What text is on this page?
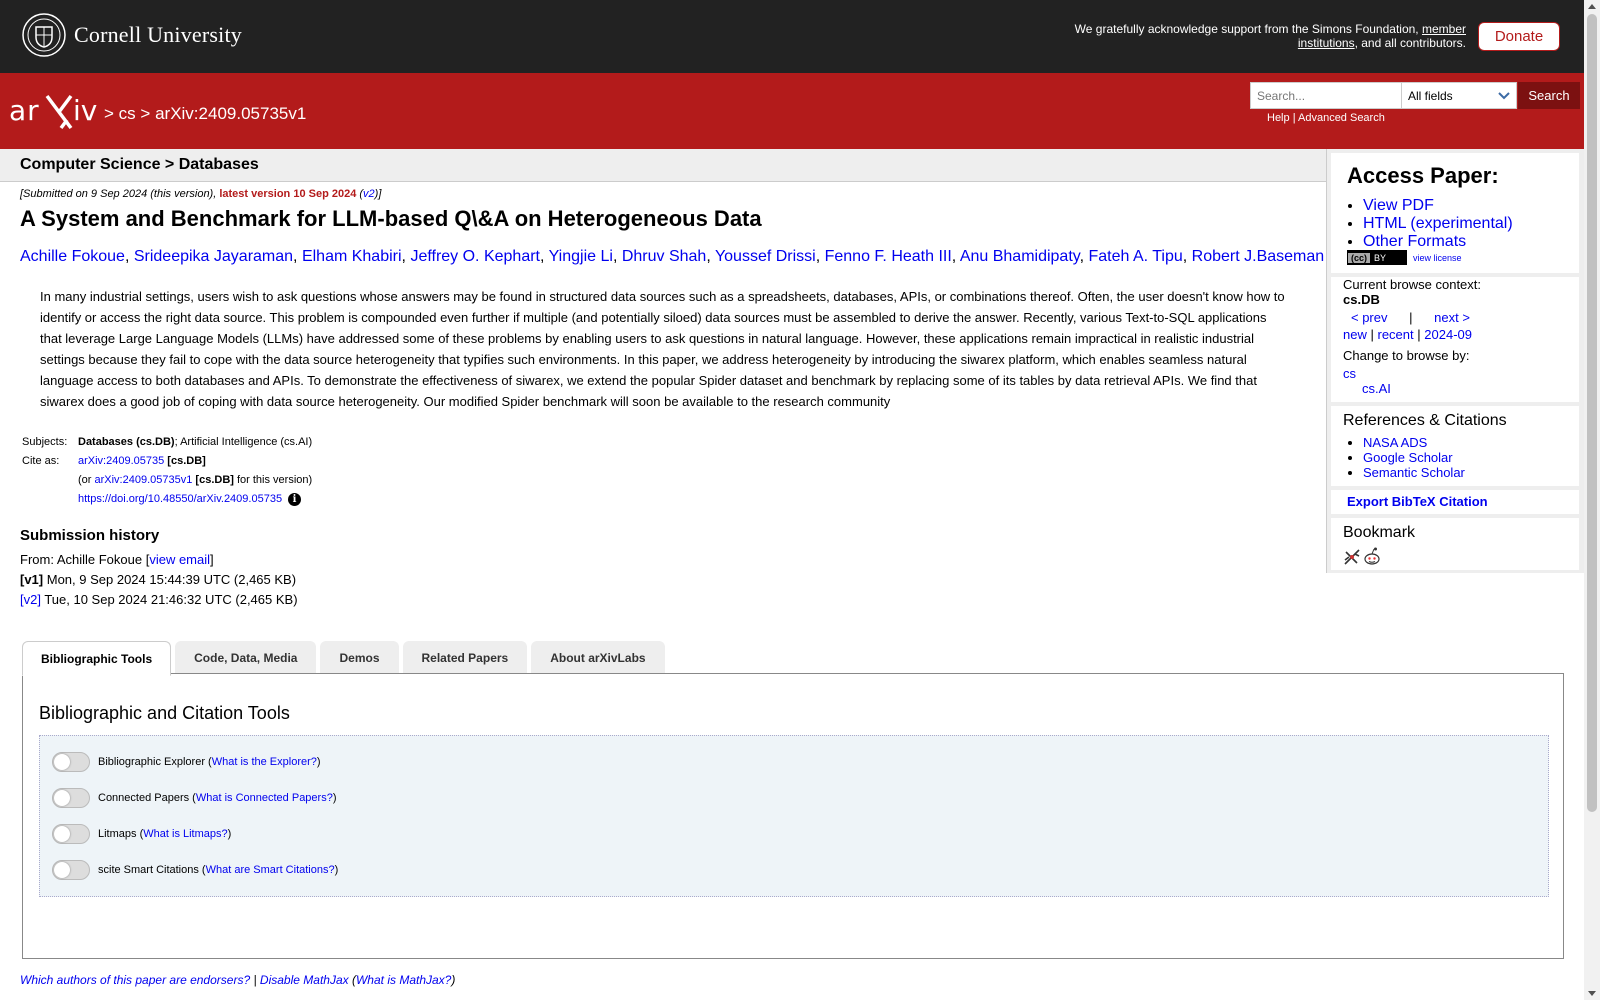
Cornell University	We gratefully acknowledge support from the Simons Foundation, member institutions, and all contributors.	Donate
ar iv > cs > arXiv:2409.05735v1
Search...	All fields	Search
Help | Advanced Search
Computer Science > Databases
[Submitted on 9 Sep 2024 (this version), latest version 10 Sep 2024 (v2)]
A System and Benchmark for LLM-based Q\&A on Heterogeneous Data
Achille Fokoue, Srideepika Jayaraman, Elham Khabiri, Jeffrey O. Kephart, Yingjie Li, Dhruv Shah, Youssef Drissi, Fenno F. Heath III, Anu Bhamidipaty, Fateh A. Tipu, Robert J.Baseman
In many industrial settings, users wish to ask questions whose answers may be found in structured data sources such as a spreadsheets, databases, APIs, or combinations thereof. Often, the user doesn't know how to identify or access the right data source. This problem is compounded even further if multiple (and potentially siloed) data sources must be assembled to derive the answer. Recently, various Text-to-SQL applications that leverage Large Language Models (LLMs) have addressed some of these problems by enabling users to ask questions in natural language. However, these applications remain impractical in realistic industrial settings because they fail to cope with the data source heterogeneity that typifies such environments. In this paper, we address heterogeneity by introducing the siwarex platform, which enables seamless natural language access to both databases and APIs. To demonstrate the effectiveness of siwarex, we extend the popular Spider dataset and benchmark by replacing some of its tables by data retrieval APIs. We find that siwarex does a good job of coping with data source heterogeneity. Our modified Spider benchmark will soon be available to the research community
Subjects: Databases (cs.DB); Artificial Intelligence (cs.AI)
Cite as:	arXiv:2409.05735 [cs.DB]
(or arXiv:2409.05735v1 [cs.DB] for this version)
https://doi.org/10.48550/arXiv.2409.05735 i
Submission history
From: Achille Fokoue [view email]
[v1] Mon, 9 Sep 2024 15:44:39 UTC (2,465 KB)
[v2] Tue, 10 Sep 2024 21:46:32 UTC (2,465 KB)
Access Paper:
• View PDF
• HTML (experimental)
• Other Formats
(cc) BY	view license
Current browse context:
cs.DB
< prev | next >
new | recent | 2024-09
Change to browse by:
cs
cs.AI
References & Citations
• NASA ADS
• Google Scholar
• Semantic Scholar
Export BibTeX Citation
Bookmark
Bibliographic Tools	Code, Data, Media	Demos	Related Papers	About arXivLabs
Bibliographic and Citation Tools
Bibliographic Explorer ( What is the Explorer? )
Connected Papers ( What is Connected Papers? )
Litmaps ( What is Litmaps? )
scite Smart Citations ( What are Smart Citations? )
Which authors of this paper are endorsers? | Disable MathJax (What is MathJax?)
